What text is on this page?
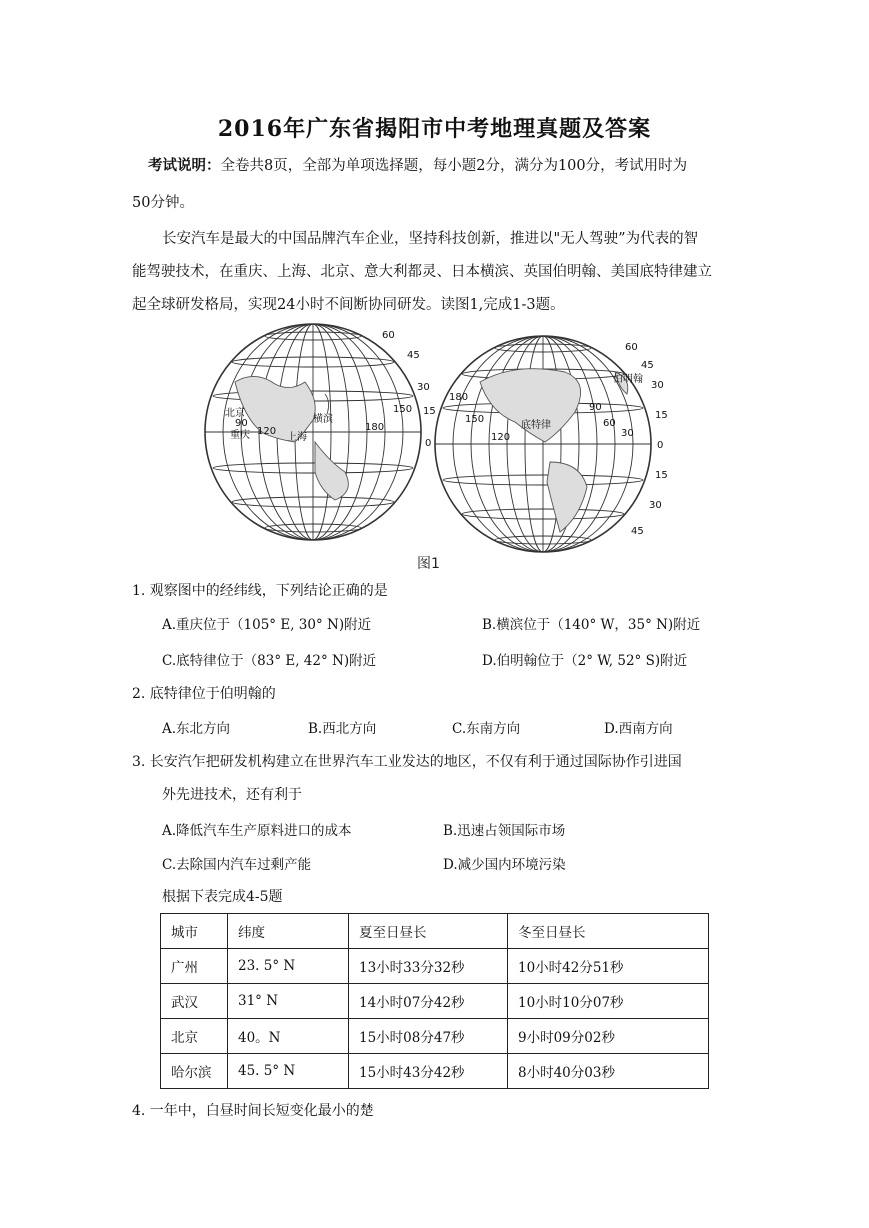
2016年广东省揭阳市中考地理真题及答案
考试说明：全卷共8页，全部为单项选择题，每小题2分，满分为100分，考试用时为
50分钟。
长安汽车是最大的中国品牌汽车企业，坚持科技创新，推进以"无人驾驶”为代表的智
能驾驶技术，在重庆、上海、北京、意大利都灵、日本横滨、英国伯明翰、美国底特律建立
起全球研发格局，实现24小时不间断协同研发。读图1,完成1-3题。
北京
重庆	上海
横滨
60
45
30
15
0
90
120
150
180
伯明翰
底特律
60
45
30
15
0
15
30
45
180
150
120
90
60
30
图1
1. 观察图中的经纬线，下列结论正确的是
A.重庆位于（105° E, 30° N)附近	B.横滨位于（140° W，35° N)附近
C.底特律位于（83° E, 42° N)附近	D.伯明翰位于（2° W, 52° S)附近
2. 底特律位于伯明翰的
A.东北方向	B.西北方向	C.东南方向	D.西南方向
3. 长安汽乍把研发机构建立在世界汽车工业发达的地区，不仅有利于通过国际协作引进国
外先进技术，还有利于
A.降低汽车生产原料进口的成本	B.迅速占领国际市场
C.去除国内汽车过剩产能	D.减少国内环境污染
根据下表完成4-5题
城市	纬度	夏至日昼长	冬至日昼长
广州	23. 5° N	13小时33分32秒	10小时42分51秒
武汉	31° N	14小时07分42秒	10小时10分07秒
北京	40。N	15小时08分47秒	9小时09分02秒
哈尔滨	45. 5° N	15小时43分42秒	8小时40分03秒
4. 一年中，白昼时间长短变化最小的楚
